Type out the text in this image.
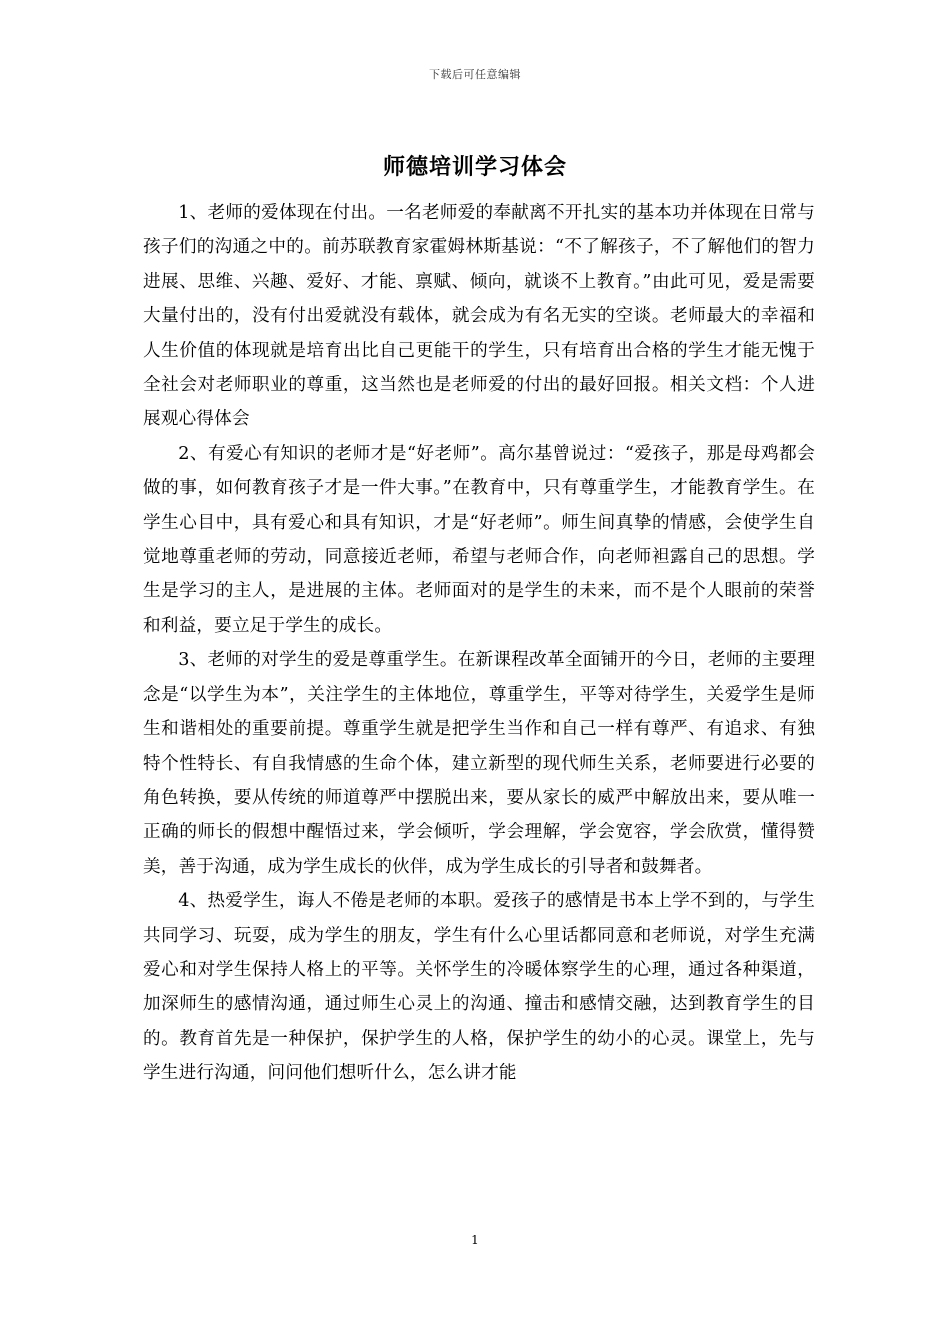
下载后可任意编辑
师德培训学习体会

1、老师的爱体现在付出。一名老师爱的奉献离不开扎实的基本功并体现在日常与孩子们的沟通之中的。前苏联教育家霍姆林斯基说：“不了解孩子，不了解他们的智力进展、思维、兴趣、爱好、才能、禀赋、倾向，就谈不上教育。”由此可见，爱是需要大量付出的，没有付出爱就没有载体，就会成为有名无实的空谈。老师最大的幸福和人生价值的体现就是培育出比自己更能干的学生，只有培育出合格的学生才能无愧于全社会对老师职业的尊重，这当然也是老师爱的付出的最好回报。相关文档：个人进展观心得体会

2、有爱心有知识的老师才是“好老师”。高尔基曾说过：“爱孩子，那是母鸡都会做的事，如何教育孩子才是一件大事。”在教育中，只有尊重学生，才能教育学生。在学生心目中，具有爱心和具有知识，才是“好老师”。师生间真挚的情感，会使学生自觉地尊重老师的劳动，同意接近老师，希望与老师合作，向老师袒露自己的思想。学生是学习的主人，是进展的主体。老师面对的是学生的未来，而不是个人眼前的荣誉和利益，要立足于学生的成长。

3、老师的对学生的爱是尊重学生。在新课程改革全面铺开的今日，老师的主要理念是“以学生为本”，关注学生的主体地位，尊重学生，平等对待学生，关爱学生是师生和谐相处的重要前提。尊重学生就是把学生当作和自己一样有尊严、有追求、有独特个性特长、有自我情感的生命个体，建立新型的现代师生关系，老师要进行必要的角色转换，要从传统的师道尊严中摆脱出来，要从家长的威严中解放出来，要从唯一正确的师长的假想中醒悟过来，学会倾听，学会理解，学会宽容，学会欣赏，懂得赞美，善于沟通，成为学生成长的伙伴，成为学生成长的引导者和鼓舞者。

4、热爱学生，诲人不倦是老师的本职。爱孩子的感情是书本上学不到的，与学生共同学习、玩耍，成为学生的朋友，学生有什么心里话都同意和老师说，对学生充满爱心和对学生保持人格上的平等。关怀学生的冷暖体察学生的心理，通过各种渠道，加深师生的感情沟通，通过师生心灵上的沟通、撞击和感情交融，达到教育学生的目的。教育首先是一种保护，保护学生的人格，保护学生的幼小的心灵。课堂上，先与学生进行沟通，问问他们想听什么，怎么讲才能

1
